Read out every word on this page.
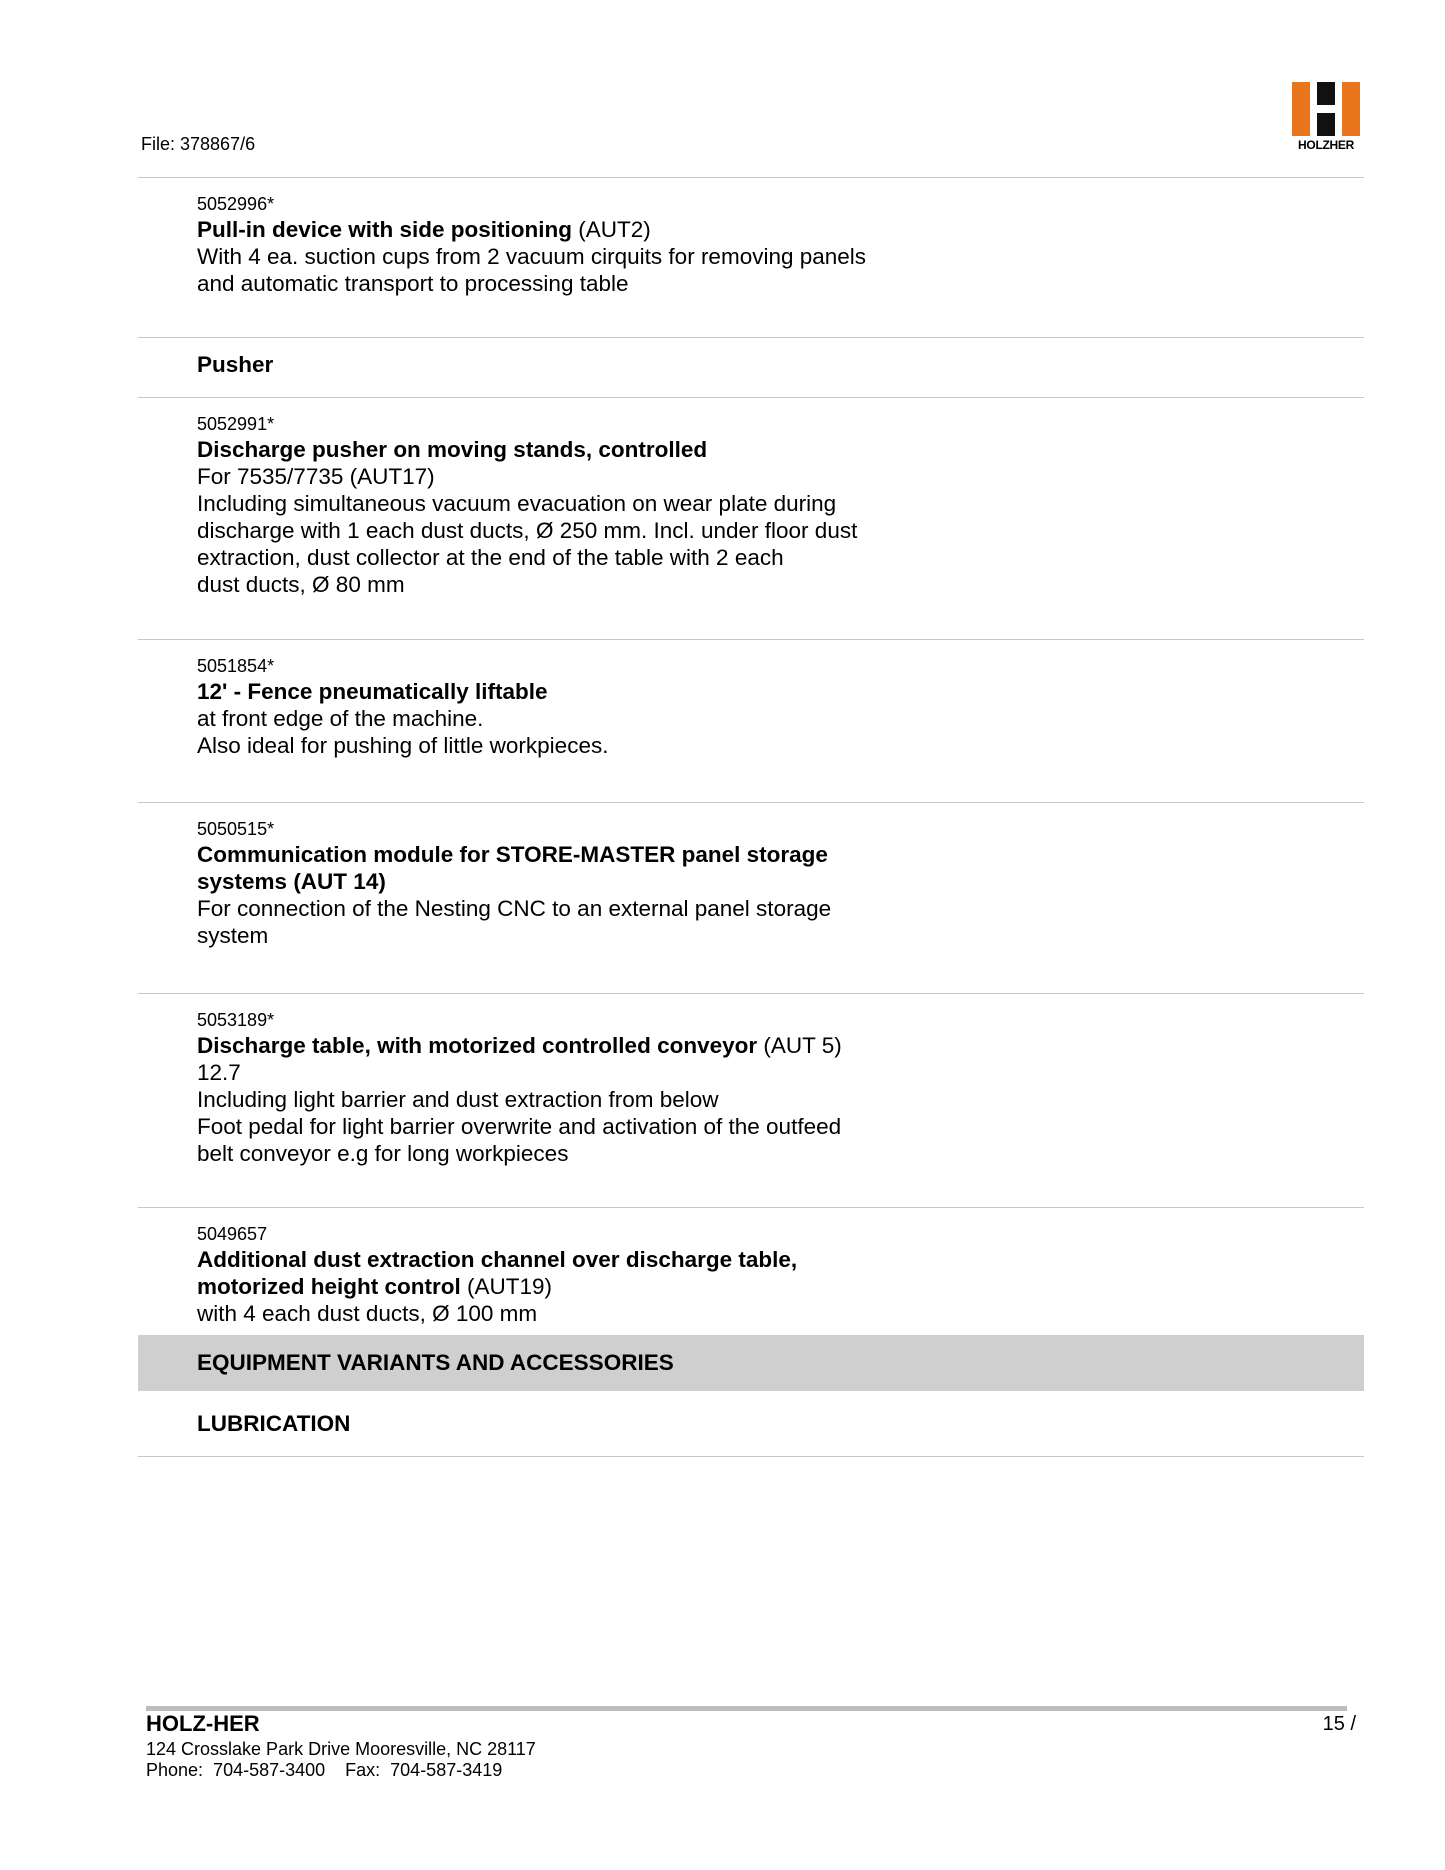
File: 378867/6	HOLZHER
5052996*
Pull-in device with side positioning (AUT2)
With 4 ea. suction cups from 2 vacuum cirquits for removing panels
and automatic transport to processing table
Pusher
5052991*
Discharge pusher on moving stands, controlled
For 7535/7735 (AUT17)
Including simultaneous vacuum evacuation on wear plate during
discharge with 1 each dust ducts, Ø 250 mm. Incl. under floor dust
extraction, dust collector at the end of the table with 2 each
dust ducts, Ø 80 mm
5051854*
12' - Fence pneumatically liftable
at front edge of the machine.
Also ideal for pushing of little workpieces.
5050515*
Communication module for STORE-MASTER panel storage
systems (AUT 14)
For connection of the Nesting CNC to an external panel storage
system
5053189*
Discharge table, with motorized controlled conveyor (AUT 5)
12.7
Including light barrier and dust extraction from below
Foot pedal for light barrier overwrite and activation of the outfeed
belt conveyor e.g for long workpieces
5049657
Additional dust extraction channel over discharge table,
motorized height control (AUT19)
with 4 each dust ducts, Ø 100 mm
EQUIPMENT VARIANTS AND ACCESSORIES
LUBRICATION
HOLZ-HER
124 Crosslake Park Drive Mooresville, NC 28117
Phone:  704-587-3400    Fax:  704-587-3419
15 /
